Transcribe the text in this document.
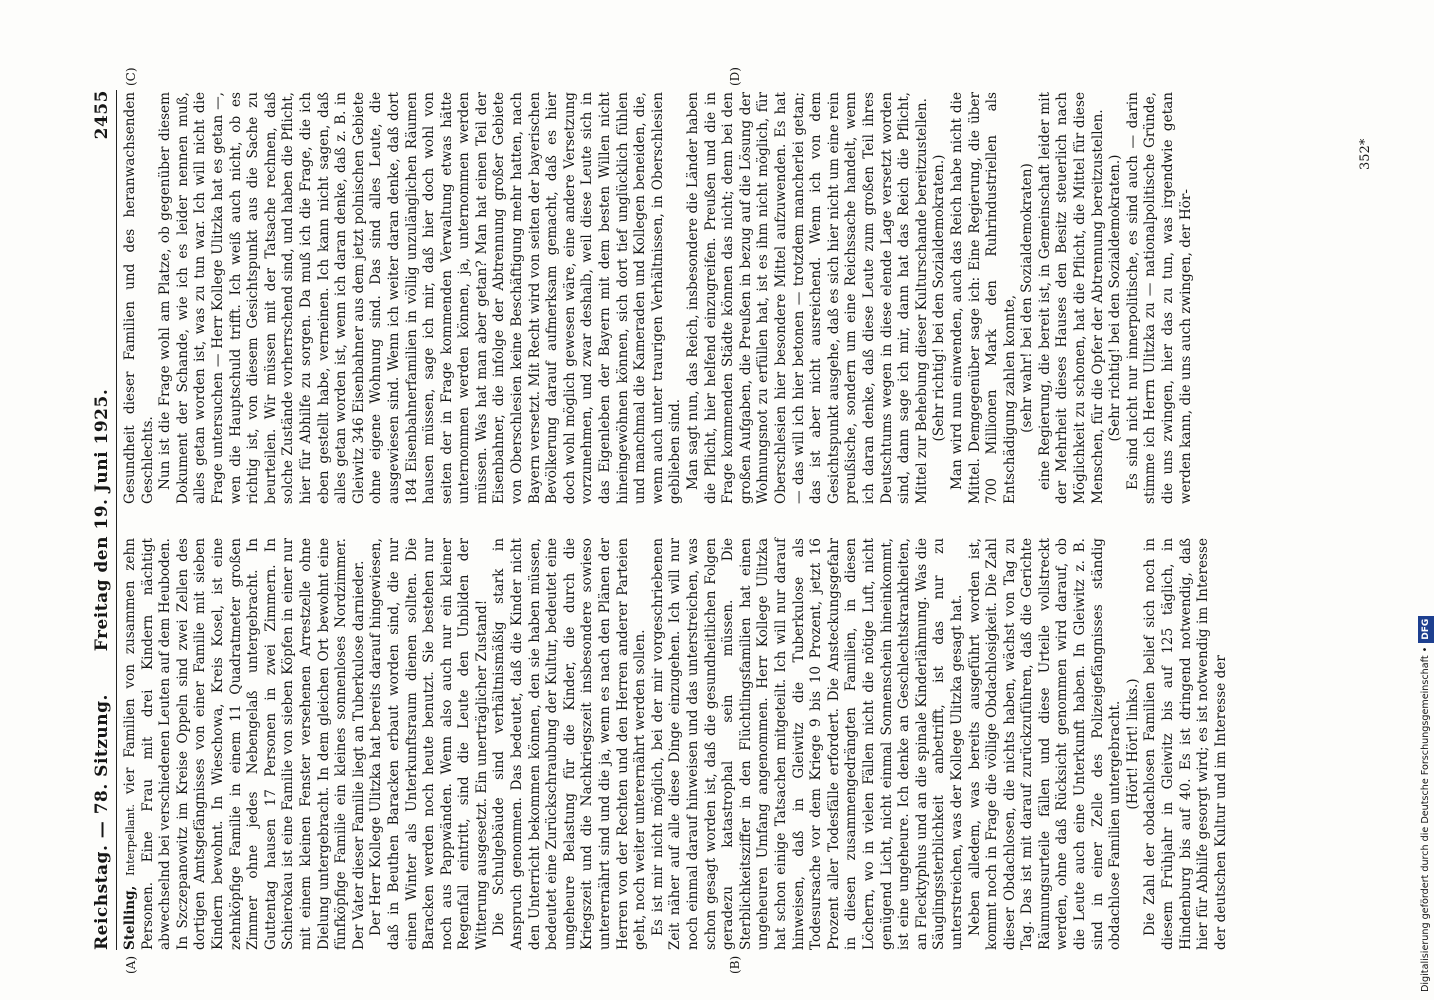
Reichstag. — 78. Sitzung.
Freitag den 19. Juni 1925.
2455
(A)	(B)
(C)	(D)

Stelling, Interpellant. vier Familien von zusammen zehn Personen. Eine Frau mit drei Kindern nächtigt abwechselnd bei verschiedenen Leuten auf dem Heuboden. In Szczepanowitz im Kreise Oppeln sind zwei Zellen des dortigen Amtsgefängnisses von einer Familie mit sieben Kindern bewohnt. In Wieschowa, Kreis Kosel, ist eine zehnköpfige Familie in einem 11 Quadratmeter großen Zimmer ohne jedes Nebengelaß untergebracht. In Guttentag hausen 17 Personen in zwei Zimmern. In Schierokau ist eine Familie von sieben Köpfen in einer nur mit einem kleinen Fenster versehenen Arrestzelle ohne Dielung untergebracht. In dem gleichen Ort bewohnt eine fünfköpfige Familie ein kleines sonnenloses Nordzimmer. Der Vater dieser Familie liegt an Tuberkulose darnieder. Der Herr Kollege Ulitzka hat bereits darauf hingewiesen, daß in Beuthen Baracken erbaut worden sind, die nur einen Winter als Unterkunftsraum dienen sollten. Die Baracken werden noch heute benutzt. Sie bestehen nur noch aus Pappwänden. Wenn also auch nur ein kleiner Regenfall eintritt, sind die Leute den Unbilden der Witterung ausgesetzt. Ein unerträglicher Zustand! Die Schulgebäude sind verhältnismäßig stark in Anspruch genommen. Das bedeutet, daß die Kinder nicht den Unterricht bekommen können, den sie haben müssen, bedeutet eine Zurückschraubung der Kultur, bedeutet eine ungeheure Belastung für die Kinder, die durch die Kriegszeit und die Nachkriegszeit insbesondere sowieso unterernährt sind und die ja, wenn es nach den Plänen der Herren von der Rechten und den Herren anderer Parteien geht, noch weiter unterernährt werden sollen. Es ist mir nicht möglich, bei der mir vorgeschriebenen Zeit näher auf alle diese Dinge einzugehen. Ich will nur noch einmal darauf hinweisen und das unterstreichen, was schon gesagt worden ist, daß die gesundheitlichen Folgen geradezu katastrophal sein müssen. Die Sterblichkeitsziffer in den Flüchtlingsfamilien hat einen ungeheuren Umfang angenommen. Herr Kollege Ulitzka hat schon einige Tatsachen mitgeteilt. Ich will nur darauf hinweisen, daß in Gleiwitz die Tuberkulose als Todesursache vor dem Kriege 9 bis 10 Prozent, jetzt 16 Prozent aller Todesfälle erfordert. Die Ansteckungsgefahr in diesen zusammengedrängten Familien, in diesen Löchern, wo in vielen Fällen nicht die nötige Luft, nicht genügend Licht, nicht einmal Sonnenschein hineinkommt, ist eine ungeheure. Ich denke an Geschlechtskrankheiten, an Flecktyphus und an die spinale Kinderlähmung. Was die Säuglingssterblichkeit anbetrifft, ist das nur zu unterstreichen, was der Kollege Ulitzka gesagt hat. Neben alledem, was bereits ausgeführt worden ist, kommt noch in Frage die völlige Obdachlosigkeit. Die Zahl dieser Obdachlosen, die nichts haben, wächst von Tag zu Tag. Das ist mit darauf zurückzuführen, daß die Gerichte Räumungsurteile fällen und diese Urteile vollstreckt werden, ohne daß Rücksicht genommen wird darauf, ob die Leute auch eine Unterkunft haben. In Gleiwitz z. B. sind in einer Zelle des Polizeigefängnisses ständig obdachlose Familien untergebracht. (Hört! Hört! links.) Die Zahl der obdachlosen Familien belief sich noch in diesem Frühjahr in Gleiwitz bis auf 125 täglich, in Hindenburg bis auf 40. Es ist dringend notwendig, daß hier für Abhilfe gesorgt wird; es ist notwendig im Interesse der deutschen Kultur und im Interesse der

Gesundheit dieser Familien und des heranwachsenden Geschlechts. Nun ist die Frage wohl am Platze, ob gegenüber diesem Dokument der Schande, wie ich es leider nennen muß, alles getan worden ist, was zu tun war. Ich will nicht die Frage untersuchen — Herr Kollege Ulitzka hat es getan —, wen die Hauptschuld trifft. Ich weiß auch nicht, ob es richtig ist, von diesem Gesichtspunkt aus die Sache zu beurteilen. Wir müssen mit der Tatsache rechnen, daß solche Zustände vorherrschend sind, und haben die Pflicht, hier für Abhilfe zu sorgen. Da muß ich die Frage, die ich eben gestellt habe, verneinen. Ich kann nicht sagen, daß alles getan worden ist, wenn ich daran denke, daß z. B. in Gleiwitz 346 Eisenbahner aus dem jetzt polnischen Gebiete ohne eigene Wohnung sind. Das sind alles Leute, die ausgewiesen sind. Wenn ich weiter daran denke, daß dort 184 Eisenbahnerfamilien in völlig unzulänglichen Räumen hausen müssen, sage ich mir, daß hier doch wohl von seiten der in Frage kommenden Verwaltung etwas hätte unternommen werden können, ja, unternommen werden müssen. Was hat man aber getan? Man hat einen Teil der Eisenbahner, die infolge der Abtrennung großer Gebiete von Oberschlesien keine Beschäftigung mehr hatten, nach Bayern versetzt. Mit Recht wird von seiten der bayerischen Bevölkerung darauf aufmerksam gemacht, daß es hier doch wohl möglich gewesen wäre, eine andere Versetzung vorzunehmen, und zwar deshalb, weil diese Leute sich in das Eigenleben der Bayern mit dem besten Willen nicht hineingewöhnen können, sich dort tief unglücklich fühlen und manchmal die Kameraden und Kollegen beneiden, die, wenn auch unter traurigen Verhältnissen, in Oberschlesien geblieben sind. Man sagt nun, das Reich, insbesondere die Länder haben die Pflicht, hier helfend einzugreifen. Preußen und die in Frage kommenden Städte können das nicht; denn bei den großen Aufgaben, die Preußen in bezug auf die Lösung der Wohnungsnot zu erfüllen hat, ist es ihm nicht möglich, für Oberschlesien hier besondere Mittel aufzuwenden. Es hat — das will ich hier betonen — trotzdem mancherlei getan; das ist aber nicht ausreichend. Wenn ich von dem Gesichtspunkt ausgehe, daß es sich hier nicht um eine rein preußische, sondern um eine Reichssache handelt, wenn ich daran denke, daß diese Leute zum großen Teil ihres Deutschtums wegen in diese elende Lage versetzt worden sind, dann sage ich mir, dann hat das Reich die Pflicht, Mittel zur Behebung dieser Kulturschande bereitzustellen. (Sehr richtig! bei den Sozialdemokraten.) Man wird nun einwenden, auch das Reich habe nicht die Mittel. Demgegenüber sage ich: Eine Regierung, die über 700 Millionen Mark den Ruhrindustriellen als Entschädigung zahlen konnte, (sehr wahr! bei den Sozialdemokraten) eine Regierung, die bereit ist, in Gemeinschaft leider mit der Mehrheit dieses Hauses den Besitz steuerlich nach Möglichkeit zu schonen, hat die Pflicht, die Mittel für diese Menschen, für die Opfer der Abtrennung bereitzustellen. (Sehr richtig! bei den Sozialdemokraten.) Es sind nicht nur innerpolitische, es sind auch — darin stimme ich Herrn Ulitzka zu — nationalpolitische Gründe, die uns zwingen, hier das zu tun, was irgendwie getan werden kann, die uns auch zwingen, der Hör-

352*
Digitalisierung gefördert durch die Deutsche Forschungsgemeinschaft •DFG
